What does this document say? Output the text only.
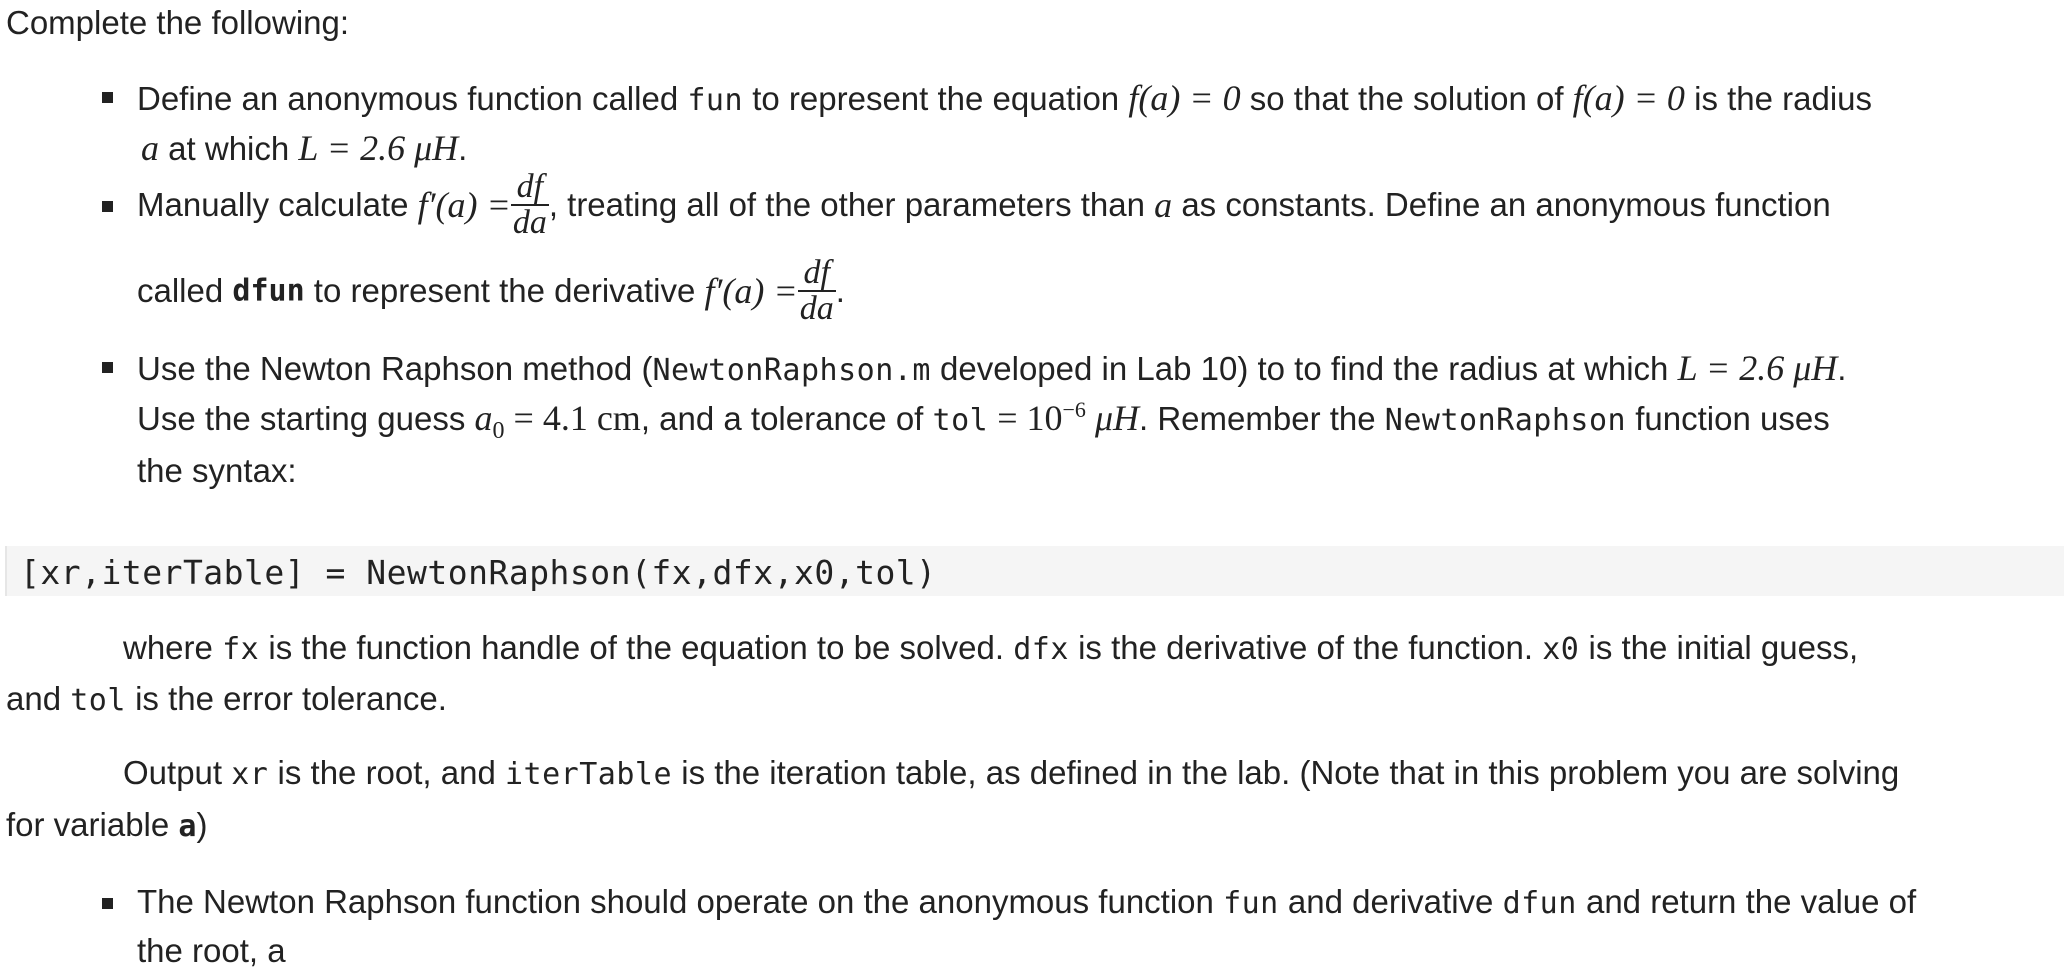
Complete the following:
Define an anonymous function called fun to represent the equation f(a) = 0 so that the solution of f(a) = 0 is the radius
a at which L = 2.6 μH.
Manually calculate $f'(a) = \frac{df}{da}$ , treating all of the other parameters than a as constants. Define an anonymous function
called dfun to represent the derivative $f'(a) = \frac{df}{da}$ .
Use the Newton Raphson method (NewtonRaphson.m developed in Lab 10) to to find the radius at which L = 2.6 μH.
Use the starting guess $a_0 = 4.1$ cm, and a tolerance of tol = $10^{-6}$ μH. Remember the NewtonRaphson function uses
the syntax:
[xr,iterTable] = NewtonRaphson(fx,dfx,x0,tol)
where fx is the function handle of the equation to be solved. dfx is the derivative of the function. x0 is the initial guess,
and tol is the error tolerance.
Output xr is the root, and iterTable is the iteration table, as defined in the lab. (Note that in this problem you are solving
for variable a)
The Newton Raphson function should operate on the anonymous function fun and derivative dfun and return the value of
the root, a
